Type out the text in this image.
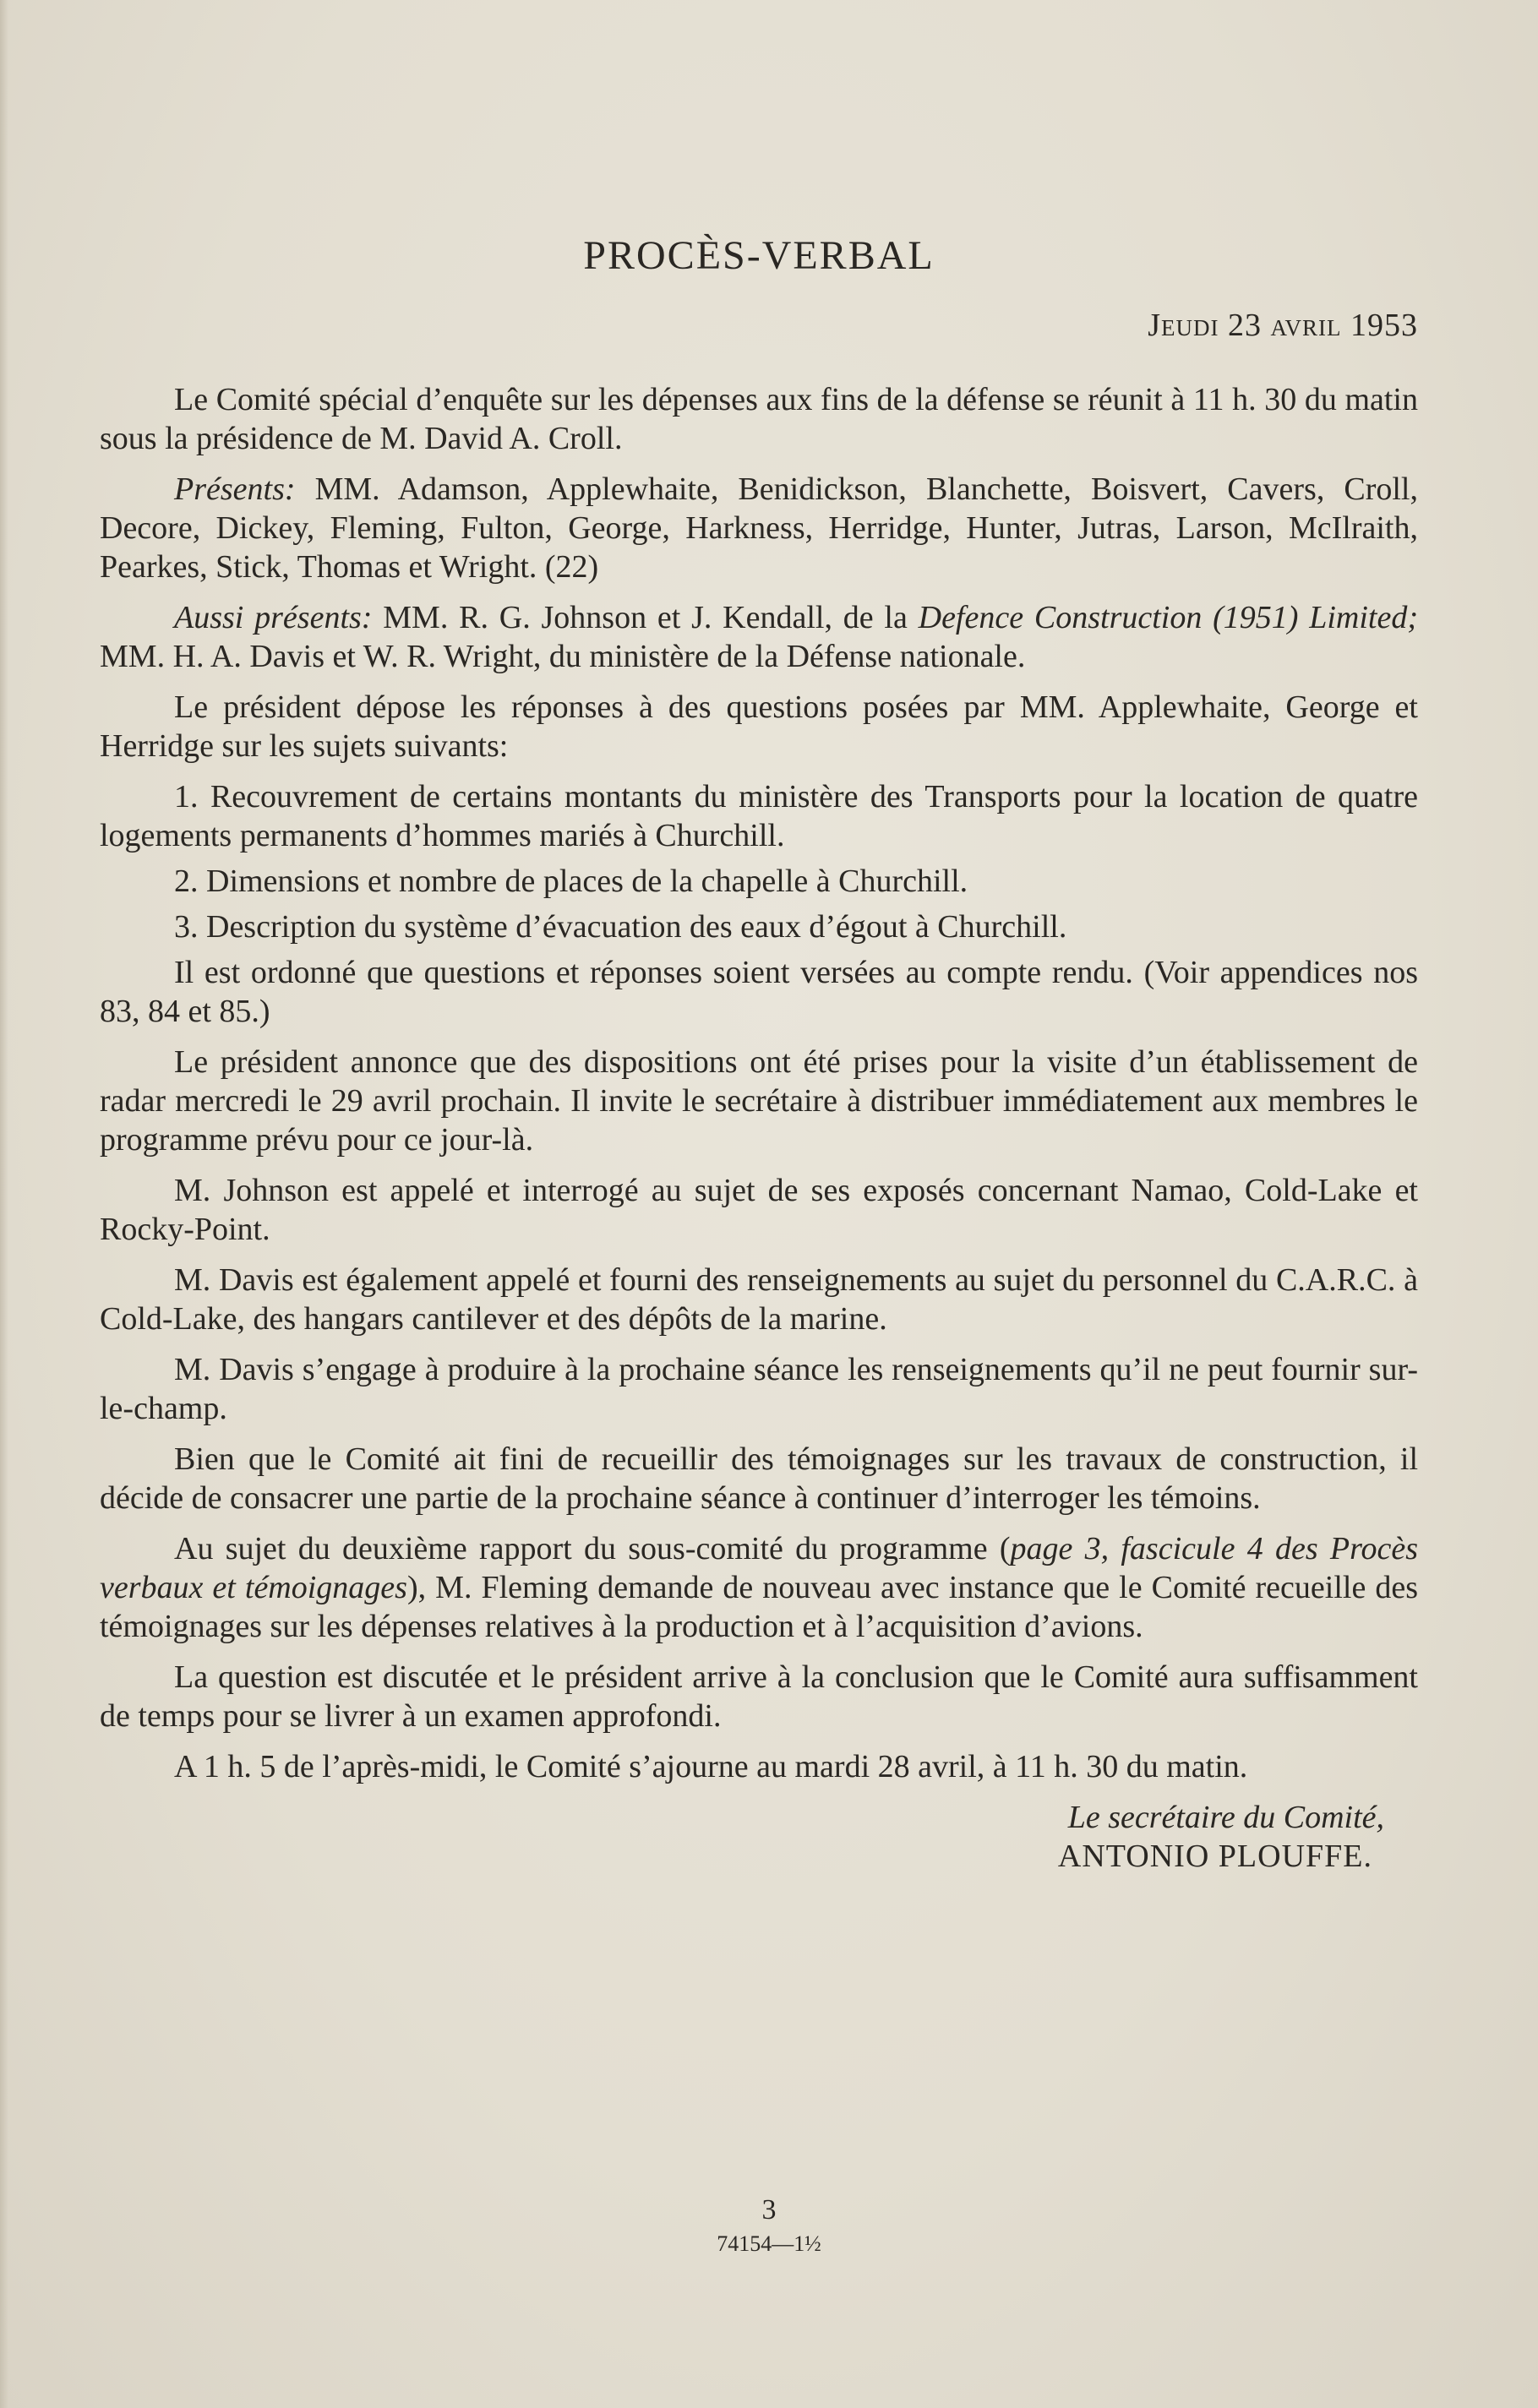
PROCÈS-VERBAL
Jeudi 23 avril 1953

Le Comité spécial d’enquête sur les dépenses aux fins de la défense se réunit à 11 h. 30 du matin sous la présidence de M. David A. Croll.

Présents: MM. Adamson, Applewhaite, Benidickson, Blanchette, Boisvert, Cavers, Croll, Decore, Dickey, Fleming, Fulton, George, Harkness, Herridge, Hunter, Jutras, Larson, McIlraith, Pearkes, Stick, Thomas et Wright. (22)

Aussi présents: MM. R. G. Johnson et J. Kendall, de la Defence Construction (1951) Limited; MM. H. A. Davis et W. R. Wright, du ministère de la Défense nationale.

Le président dépose les réponses à des questions posées par MM. Applewhaite, George et Herridge sur les sujets suivants:

1. Recouvrement de certains montants du ministère des Transports pour la location de quatre logements permanents d’hommes mariés à Churchill.

2. Dimensions et nombre de places de la chapelle à Churchill.

3. Description du système d’évacuation des eaux d’égout à Churchill.

Il est ordonné que questions et réponses soient versées au compte rendu. (Voir appendices nos 83, 84 et 85.)

Le président annonce que des dispositions ont été prises pour la visite d’un établissement de radar mercredi le 29 avril prochain. Il invite le secrétaire à distribuer immédiatement aux membres le programme prévu pour ce jour-là.

M. Johnson est appelé et interrogé au sujet de ses exposés concernant Namao, Cold-Lake et Rocky-Point.

M. Davis est également appelé et fourni des renseignements au sujet du personnel du C.A.R.C. à Cold-Lake, des hangars cantilever et des dépôts de la marine.

M. Davis s’engage à produire à la prochaine séance les renseignements qu’il ne peut fournir sur-le-champ.

Bien que le Comité ait fini de recueillir des témoignages sur les travaux de construction, il décide de consacrer une partie de la prochaine séance à continuer d’interroger les témoins.

Au sujet du deuxième rapport du sous-comité du programme (page 3, fascicule 4 des Procès verbaux et témoignages), M. Fleming demande de nouveau avec instance que le Comité recueille des témoignages sur les dépenses relatives à la production et à l’acquisition d’avions.

La question est discutée et le président arrive à la conclusion que le Comité aura suffisamment de temps pour se livrer à un examen approfondi.

A 1 h. 5 de l’après-midi, le Comité s’ajourne au mardi 28 avril, à 11 h. 30 du matin.

Le secrétaire du Comité,
ANTONIO PLOUFFE.
3
74154—1½
